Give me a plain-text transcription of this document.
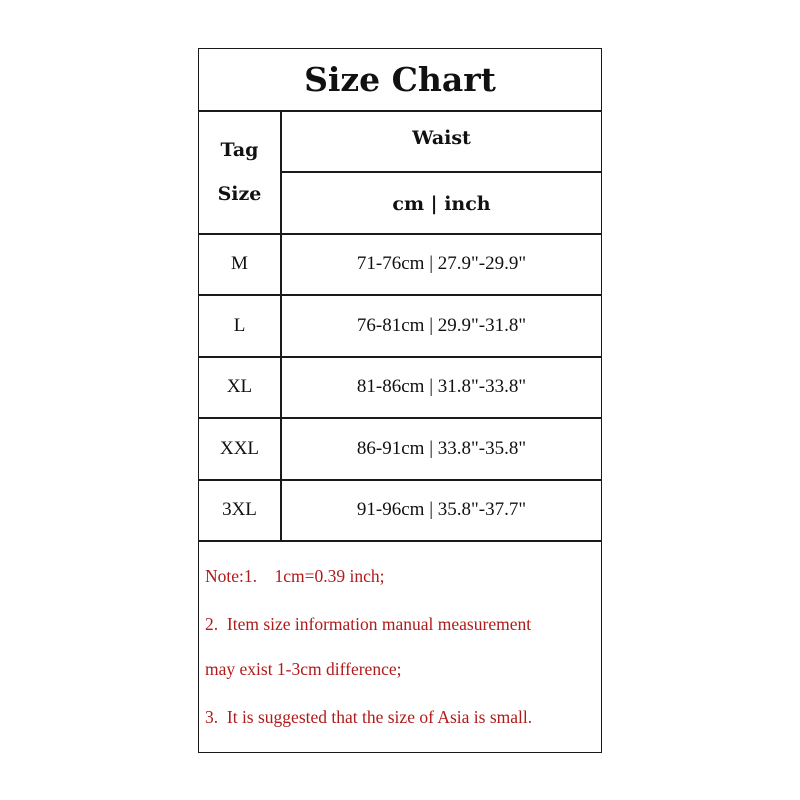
Size Chart
Tag
Size
Waist
cm | inch
M	71-76cm | 27.9"-29.9"
L	76-81cm | 29.9"-31.8"
XL	81-86cm | 31.8"-33.8"
XXL	86-91cm | 33.8"-35.8"
3XL	91-96cm | 35.8"-37.7"
Note:1.    1cm=0.39 inch;
2.  Item size information manual measurement
may exist 1-3cm difference;
3.  It is suggested that the size of Asia is small.
